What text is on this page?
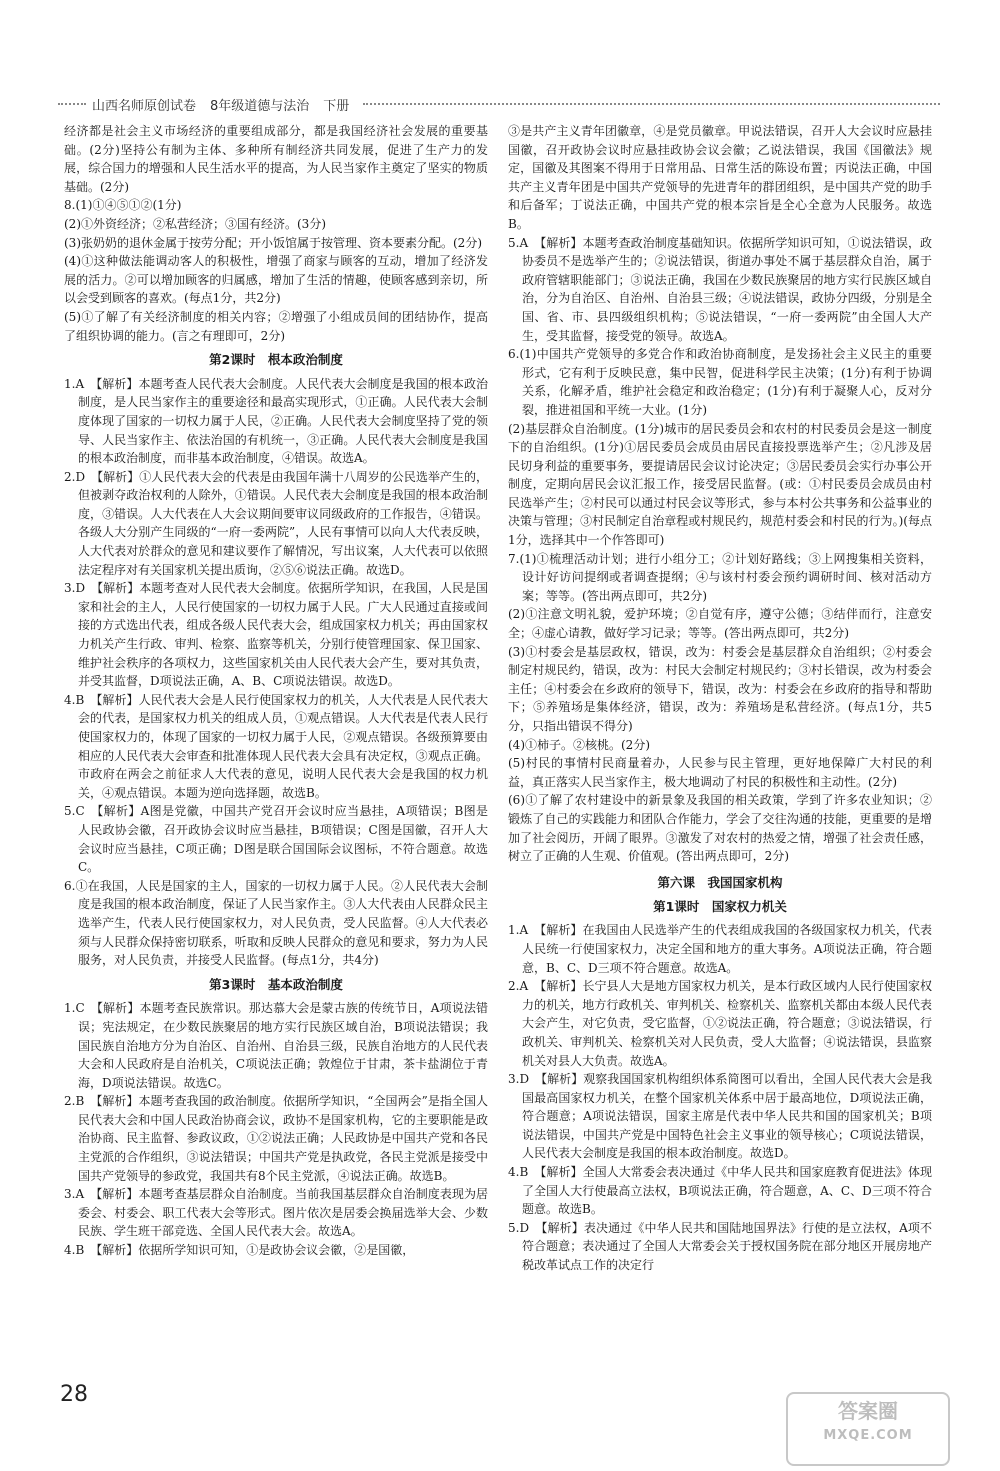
山西名师原创试卷 8年级道德与法治 下册

经济都是社会主义市场经济的重要组成部分，都是我国经济社会发展的重要基础。(2分)坚持公有制为主体、多种所有制经济共同发展，促进了生产力的发展，综合国力的增强和人民生活水平的提高，为人民当家作主奠定了坚实的物质基础。(2分)

8.(1)①④⑤①②(1分)

(2)①外资经济；②私营经济；③国有经济。(3分)

(3)张奶奶的退休金属于按劳分配；开小饭馆属于按管理、资本要素分配。(2分)

(4)①这种做法能调动客人的积极性，增强了商家与顾客的互动，增加了经济发展的活力。②可以增加顾客的归属感，增加了生活的情趣，使顾客感到亲切，所以会受到顾客的喜欢。(每点1分，共2分)

(5)①了解了有关经济制度的相关内容；②增强了小组成员间的团结协作，提高了组织协调的能力。(言之有理即可，2分)

第2课时　根本政治制度

1.A　【解析】本题考查人民代表大会制度。人民代表大会制度是我国的根本政治制度，是人民当家作主的重要途径和最高实现形式，①正确。人民代表大会制度体现了国家的一切权力属于人民，②正确。人民代表大会制度坚持了党的领导、人民当家作主、依法治国的有机统一，③正确。人民代表大会制度是我国的根本政治制度，而非基本政治制度，④错误。故选A。

2.D　【解析】①人民代表大会的代表是由我国年满十八周岁的公民选举产生的，但被剥夺政治权利的人除外，①错误。人民代表大会制度是我国的根本政治制度，③错误。人大代表在人大会议期间要审议同级政府的工作报告，④错误。各级人大分别产生同级的“一府一委两院”，人民有事情可以向人大代表反映，人大代表对於群众的意见和建议要作了解情况，写出议案，人大代表可以依照法定程序对有关国家机关提出质询，②⑤⑥说法正确。故选D。

3.D　【解析】本题考查对人民代表大会制度。依据所学知识，在我国，人民是国家和社会的主人，人民行使国家的一切权力属于人民。广大人民通过直接或间接的方式选出代表，组成各级人民代表大会，组成国家权力机关；再由国家权力机关产生行政、审判、检察、监察等机关，分别行使管理国家、保卫国家、维护社会秩序的各项权力，这些国家机关由人民代表大会产生，要对其负责，并受其监督，D项说法正确，A、B、C项说法错误。故选D。

4.B　【解析】人民代表大会是人民行使国家权力的机关，人大代表是人民代表大会的代表，是国家权力机关的组成人员，①观点错误。人大代表是代表人民行使国家权力的，体现了国家的一切权力属于人民，②观点错误。各级预算要由相应的人民代表大会审查和批准体现人民代表大会具有决定权，③观点正确。市政府在两会之前征求人大代表的意见，说明人民代表大会是我国的权力机关，④观点错误。本题为逆向选择题，故选B。

5.C　【解析】A图是党徽，中国共产党召开会议时应当悬挂，A项错误；B图是人民政协会徽，召开政协会议时应当悬挂，B项错误；C图是国徽，召开人大会议时应当悬挂，C项正确；D图是联合国国际会议图标，不符合题意。故选C。

6.①在我国，人民是国家的主人，国家的一切权力属于人民。②人民代表大会制度是我国的根本政治制度，保证了人民当家作主。③人大代表由人民群众民主选举产生，代表人民行使国家权力，对人民负责，受人民监督。④人大代表必须与人民群众保持密切联系，听取和反映人民群众的意见和要求，努力为人民服务，对人民负责，并接受人民监督。(每点1分，共4分)

第3课时　基本政治制度

1.C　【解析】本题考查民族常识。那达慕大会是蒙古族的传统节日，A项说法错误；宪法规定，在少数民族聚居的地方实行民族区域自治，B项说法错误；我国民族自治地方分为自治区、自治州、自治县三级，民族自治地方的人民代表大会和人民政府是自治机关，C项说法正确；敦煌位于甘肃，茶卡盐湖位于青海，D项说法错误。故选C。

2.B　【解析】本题考查我国的政治制度。依据所学知识，“全国两会”是指全国人民代表大会和中国人民政治协商会议，政协不是国家机构，它的主要职能是政治协商、民主监督、参政议政，①②说法正确；人民政协是中国共产党和各民主党派的合作组织，③说法错误；中国共产党是执政党，各民主党派是接受中国共产党领导的参政党，我国共有8个民主党派，④说法正确。故选B。

3.A　【解析】本题考查基层群众自治制度。当前我国基层群众自治制度表现为居委会、村委会、职工代表大会等形式。图片依次是居委会换届选举大会、少数民族、学生班干部竞选、全国人民代表大会。故选A。

4.B　【解析】依据所学知识可知，①是政协会议会徽，②是国徽，

③是共产主义青年团徽章，④是党员徽章。甲说法错误，召开人大会议时应悬挂国徽，召开政协会议时应悬挂政协会议会徽；乙说法错误，我国《国徽法》规定，国徽及其图案不得用于日常用品、日常生活的陈设布置；丙说法正确，中国共产主义青年团是中国共产党领导的先进青年的群团组织，是中国共产党的助手和后备军；丁说法正确，中国共产党的根本宗旨是全心全意为人民服务。故选B。

5.A　【解析】本题考查政治制度基础知识。依据所学知识可知，①说法错误，政协委员不是选举产生的；②说法错误，街道办事处不属于基层群众自治，属于政府管辖职能部门；③说法正确，我国在少数民族聚居的地方实行民族区域自治，分为自治区、自治州、自治县三级；④说法错误，政协分四级，分别是全国、省、市、县四级组织机构；⑤说法错误，“一府一委两院”由全国人大产生，受其监督，接受党的领导。故选A。

6.(1)中国共产党领导的多党合作和政治协商制度，是发扬社会主义民主的重要形式，它有利于反映民意，集中民智，促进科学民主决策；(1分)有利于协调关系，化解矛盾，维护社会稳定和政治稳定；(1分)有利于凝聚人心，反对分裂，推进祖国和平统一大业。(1分)

(2)基层群众自治制度。(1分)城市的居民委员会和农村的村民委员会是这一制度下的自治组织。(1分)①居民委员会成员由居民直接投票选举产生；②凡涉及居民切身利益的重要事务，要提请居民会议讨论决定；③居民委员会实行办事公开制度，定期向居民会议汇报工作，接受居民监督。(或：①村民委员会成员由村民选举产生；②村民可以通过村民会议等形式，参与本村公共事务和公益事业的决策与管理；③村民制定自治章程或村规民约，规范村委会和村民的行为。)(每点1分，选择其中一个作答即可)

7.(1)①梳理活动计划；进行小组分工；②计划好路线；③上网搜集相关资料，设计好访问提纲或者调查提纲；④与该村村委会预约调研时间、核对活动方案；等等。(答出两点即可，共2分)

(2)①注意文明礼貌，爱护环境；②自觉有序，遵守公德；③结伴而行，注意安全；④虚心请教，做好学习记录；等等。(答出两点即可，共2分)

(3)①村委会是基层政权，错误，改为：村委会是基层群众自治组织；②村委会制定村规民约，错误，改为：村民大会制定村规民约；③村长错误，改为村委会主任；④村委会在乡政府的领导下，错误，改为：村委会在乡政府的指导和帮助下；⑤养殖场是集体经济，错误，改为：养殖场是私营经济。(每点1分，共5分，只指出错误不得分)

(4)①柿子。②核桃。(2分)

(5)村民的事情村民商量着办，人民参与民主管理，更好地保障广大村民的利益，真正落实人民当家作主，极大地调动了村民的积极性和主动性。(2分)

(6)①了解了农村建设中的新景象及我国的相关政策，学到了许多农业知识；②锻炼了自己的实践能力和团队合作能力，学会了交往沟通的技能，更重要的是增加了社会阅历，开阔了眼界。③激发了对农村的热爱之情，增强了社会责任感，树立了正确的人生观、价值观。(答出两点即可，2分)

第六课　我国国家机构

第1课时　国家权力机关

1.A　【解析】在我国由人民选举产生的代表组成我国的各级国家权力机关，代表人民统一行使国家权力，决定全国和地方的重大事务。A项说法正确，符合题意，B、C、D三项不符合题意。故选A。

2.A　【解析】长宁县人大是地方国家权力机关，是本行政区域内人民行使国家权力的机关，地方行政机关、审判机关、检察机关、监察机关都由本级人民代表大会产生，对它负责，受它监督，①②说法正确，符合题意；③说法错误，行政机关、审判机关、检察机关对人民负责，受人大监督；④说法错误，县监察机关对县人大负责。故选A。

3.D　【解析】观察我国国家机构组织体系简图可以看出，全国人民代表大会是我国最高国家权力机关，在整个国家机关体系中居于最高地位，D项说法正确，符合题意；A项说法错误，国家主席是代表中华人民共和国的国家机关；B项说法错误，中国共产党是中国特色社会主义事业的领导核心；C项说法错误，人民代表大会制度是我国的根本政治制度。故选D。

4.B　【解析】全国人大常委会表决通过《中华人民共和国家庭教育促进法》体现了全国人大行使最高立法权，B项说法正确，符合题意，A、C、D三项不符合题意。故选B。

5.D　【解析】表决通过《中华人民共和国陆地国界法》行使的是立法权，A项不符合题意；表决通过了全国人大常委会关于授权国务院在部分地区开展房地产税改革试点工作的决定行

28
答案圈
MXQE.COM
